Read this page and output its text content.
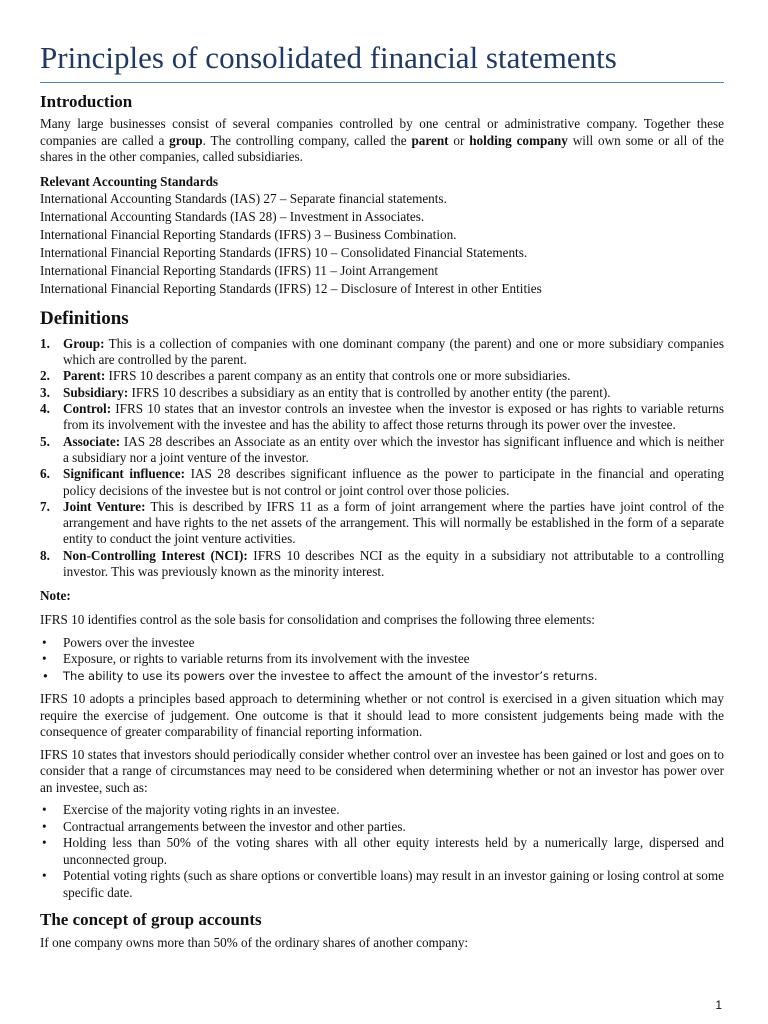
Principles of consolidated financial statements
Introduction

Many large businesses consist of several companies controlled by one central or administrative company. Together these companies are called a group. The controlling company, called the parent or holding company will own some or all of the shares in the other companies, called subsidiaries.

Relevant Accounting Standards
International Accounting Standards (IAS) 27 – Separate financial statements.
International Accounting Standards (IAS 28) – Investment in Associates.
International Financial Reporting Standards (IFRS) 3 – Business Combination.
International Financial Reporting Standards (IFRS) 10 – Consolidated Financial Statements.
International Financial Reporting Standards (IFRS) 11 – Joint Arrangement
International Financial Reporting Standards (IFRS) 12 – Disclosure of Interest in other Entities
Definitions
1. Group: This is a collection of companies with one dominant company (the parent) and one or more subsidiary companies which are controlled by the parent.
2. Parent: IFRS 10 describes a parent company as an entity that controls one or more subsidiaries.
3. Subsidiary: IFRS 10 describes a subsidiary as an entity that is controlled by another entity (the parent).
4. Control: IFRS 10 states that an investor controls an investee when the investor is exposed or has rights to variable returns from its involvement with the investee and has the ability to affect those returns through its power over the investee.
5. Associate: IAS 28 describes an Associate as an entity over which the investor has significant influence and which is neither a subsidiary nor a joint venture of the investor.
6. Significant influence: IAS 28 describes significant influence as the power to participate in the financial and operating policy decisions of the investee but is not control or joint control over those policies.
7. Joint Venture: This is described by IFRS 11 as a form of joint arrangement where the parties have joint control of the arrangement and have rights to the net assets of the arrangement. This will normally be established in the form of a separate entity to conduct the joint venture activities.
8. Non-Controlling Interest (NCI): IFRS 10 describes NCI as the equity in a subsidiary not attributable to a controlling investor. This was previously known as the minority interest.
Note:

IFRS 10 identifies control as the sole basis for consolidation and comprises the following three elements:

• Powers over the investee
• Exposure, or rights to variable returns from its involvement with the investee
• The ability to use its powers over the investee to affect the amount of the investor’s returns.

IFRS 10 adopts a principles based approach to determining whether or not control is exercised in a given situation which may require the exercise of judgement. One outcome is that it should lead to more consistent judgements being made with the consequence of greater comparability of financial reporting information.

IFRS 10 states that investors should periodically consider whether control over an investee has been gained or lost and goes on to consider that a range of circumstances may need to be considered when determining whether or not an investor has power over an investee, such as:

• Exercise of the majority voting rights in an investee.
• Contractual arrangements between the investor and other parties.
• Holding less than 50% of the voting shares with all other equity interests held by a numerically large, dispersed and unconnected group.
• Potential voting rights (such as share options or convertible loans) may result in an investor gaining or losing control at some specific date.
The concept of group accounts

If one company owns more than 50% of the ordinary shares of another company:

1
